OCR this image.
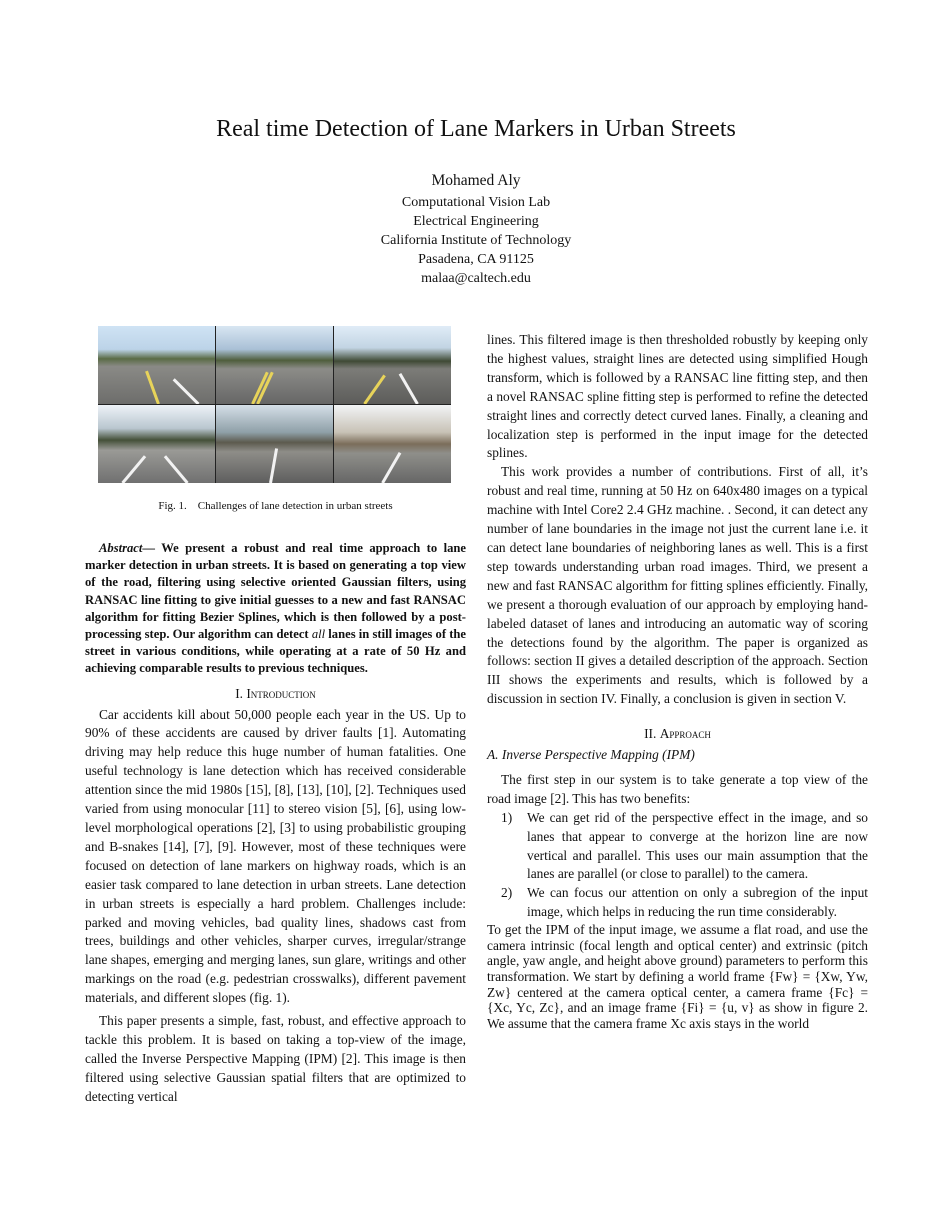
Real time Detection of Lane Markers in Urban Streets
Mohamed Aly
Computational Vision Lab
Electrical Engineering
California Institute of Technology
Pasadena, CA 91125
malaa@caltech.edu
Fig. 1.    Challenges of lane detection in urban streets
Abstract— We present a robust and real time approach to lane marker detection in urban streets. It is based on generating a top view of the road, filtering using selective oriented Gaussian filters, using RANSAC line fitting to give initial guesses to a new and fast RANSAC algorithm for fitting Bezier Splines, which is then followed by a post-processing step. Our algorithm can detect all lanes in still images of the street in various conditions, while operating at a rate of 50 Hz and achieving comparable results to previous techniques.
I. Introduction

Car accidents kill about 50,000 people each year in the US. Up to 90% of these accidents are caused by driver faults [1]. Automating driving may help reduce this huge number of human fatalities. One useful technology is lane detection which has received considerable attention since the mid 1980s [15], [8], [13], [10], [2]. Techniques used varied from using monocular [11] to stereo vision [5], [6], using low-level morphological operations [2], [3] to using probabilistic grouping and B-snakes [14], [7], [9]. However, most of these techniques were focused on detection of lane markers on highway roads, which is an easier task compared to lane detection in urban streets. Lane detection in urban streets is especially a hard problem. Challenges include: parked and moving vehicles, bad quality lines, shadows cast from trees, buildings and other vehicles, sharper curves, irregular/strange lane shapes, emerging and merging lanes, sun glare, writings and other markings on the road (e.g. pedestrian crosswalks), different pavement materials, and different slopes (fig. 1).

This paper presents a simple, fast, robust, and effective approach to tackle this problem. It is based on taking a top-view of the image, called the Inverse Perspective Mapping (IPM) [2]. This image is then filtered using selective Gaussian spatial filters that are optimized to detecting vertical

lines. This filtered image is then thresholded robustly by keeping only the highest values, straight lines are detected using simplified Hough transform, which is followed by a RANSAC line fitting step, and then a novel RANSAC spline fitting step is performed to refine the detected straight lines and correctly detect curved lanes. Finally, a cleaning and localization step is performed in the input image for the detected splines.

This work provides a number of contributions. First of all, it’s robust and real time, running at 50 Hz on 640x480 images on a typical machine with Intel Core2 2.4 GHz machine. . Second, it can detect any number of lane boundaries in the image not just the current lane i.e. it can detect lane boundaries of neighboring lanes as well. This is a first step towards understanding urban road images. Third, we present a new and fast RANSAC algorithm for fitting splines efficiently. Finally, we present a thorough evaluation of our approach by employing hand-labeled dataset of lanes and introducing an automatic way of scoring the detections found by the algorithm. The paper is organized as follows: section II gives a detailed description of the approach. Section III shows the experiments and results, which is followed by a discussion in section IV. Finally, a conclusion is given in section V.

II. Approach
A. Inverse Perspective Mapping (IPM)

The first step in our system is to take generate a top view of the road image [2]. This has two benefits:

1)	We can get rid of the perspective effect in the image, and so lanes that appear to converge at the horizon line are now vertical and parallel. This uses our main assumption that the lanes are parallel (or close to parallel) to the camera.
2)	We can focus our attention on only a subregion of the input image, which helps in reducing the run time considerably.

To get the IPM of the input image, we assume a flat road, and use the camera intrinsic (focal length and optical center) and extrinsic (pitch angle, yaw angle, and height above ground) parameters to perform this transformation. We start by defining a world frame {Fw} = {Xw, Yw, Zw} centered at the camera optical center, a camera frame {Fc} = {Xc, Yc, Zc}, and an image frame {Fi} = {u, v} as show in figure 2. We assume that the camera frame Xc axis stays in the world
